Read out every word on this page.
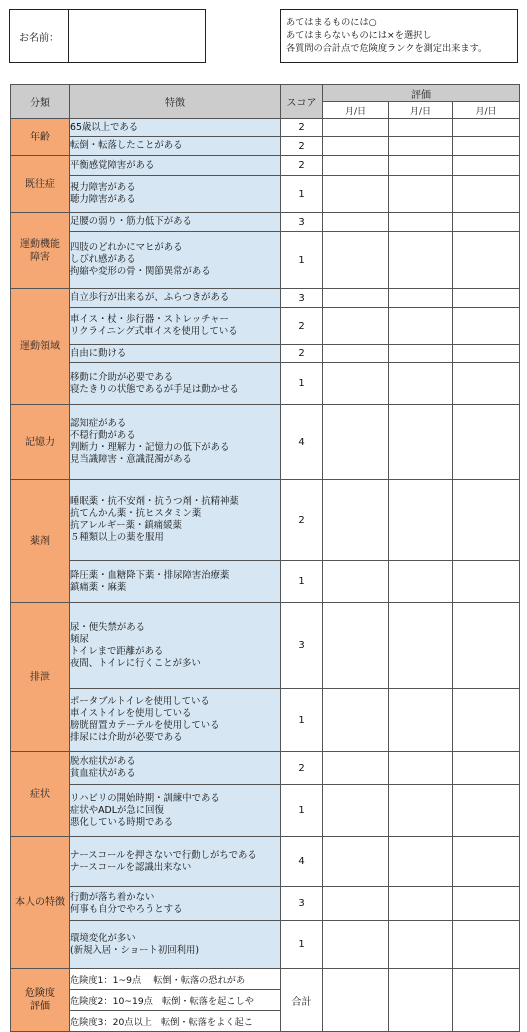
お名前：
あてはまるものには○
あてはまらないものには×を選択し
各質問の合計点で危険度ランクを測定出来ます。
分類	特徴	スコア	評価		
			月/日	月/日	月/日
年齢	65歳以上である	2			

	転倒・転落したことがある	2			
既往症	平衡感覚障害がある	2			

	視力障害がある
聴力障害がある	1			

運動機能
障害	足腰の弱り・筋力低下がある	3			

	四肢のどれかにマヒがある
しびれ感がある
拘縮や変形の骨・関節異常がある	1			
運動領域	自立歩行が出来るが、ふらつきがある	3			

	車イス・杖・歩行器・ストレッチャー
リクライニング式車イスを使用している	2			

	自由に動ける	2			

	移動に介助が必要である
寝たきりの状態であるが手足は動かせる	1			
記憶力	認知症がある
不穏行動がある
判断力・理解力・記憶力の低下がある
見当識障害・意識混濁がある	4			
薬剤	睡眠薬・抗不安剤・抗うつ剤・抗精神薬
抗てんかん薬・抗ヒスタミン薬
抗アレルギー薬・鎮痛緩薬
５種類以上の薬を服用	2			

	降圧薬・血糖降下薬・排尿障害治療薬
鎮痛薬・麻薬	1			
排泄	尿・便失禁がある
頻尿
トイレまで距離がある
夜間、トイレに行くことが多い	3			

	ポータブルトイレを使用している
車イストイレを使用している
膀胱留置カテーテルを使用している
排尿には介助が必要である	1			
症状	脱水症状がある
貧血症状がある	2			

	リハビリの開始時期・訓練中である
症状やADLが急に回復
悪化している時期である	1			
本人の特徴	ナースコールを押さないで行動しがちである
ナースコールを認識出来ない	4			

	行動が落ち着かない
何事も自分でやろうとする	3			

	環境変化が多い
(新規入居・ショート初回利用)	1			

危険度
評価	危険度1：1~9点　 転倒・転落の恐れがあ	合計			
	危険度2：10~19点　転倒・転落を起こしや				
	危険度3：20点以上　転倒・転落をよく起こ				
